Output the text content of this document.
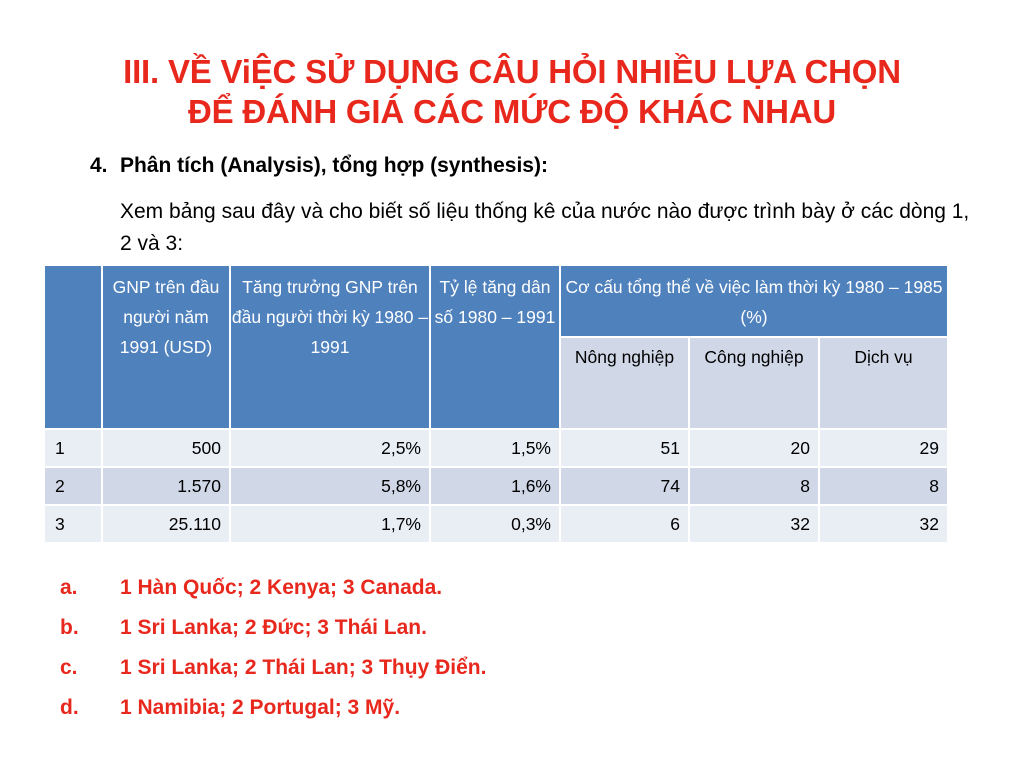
III. VỀ ViỆC SỬ DỤNG CÂU HỎI NHIỀU LỰA CHỌN
ĐỂ ĐÁNH GIÁ CÁC MỨC ĐỘ KHÁC NHAU
4. Phân tích (Analysis), tổng hợp (synthesis):
Xem bảng sau đây và cho biết số liệu thống kê của nước nào được trình bày ở các dòng 1, 2 và 3:
	GNP trên đầu người năm 1991 (USD)	Tăng trưởng GNP trên đầu người thời kỳ 1980 – 1991	Tỷ lệ tăng dân số 1980 – 1991	Cơ cấu tổng thể về việc làm thời kỳ 1980 – 1985 (%)		
				Nông nghiệp	Công nghiệp	Dịch vụ
1	500	2,5%	1,5%	51	20	29
2	1.570	5,8%	1,6%	74	8	8
3	25.110	1,7%	0,3%	6	32	32
a. 1 Hàn Quốc; 2 Kenya; 3 Canada.
b. 1 Sri Lanka; 2 Đức; 3 Thái Lan.
c. 1 Sri Lanka; 2 Thái Lan; 3 Thụy Điển.
d. 1 Namibia; 2 Portugal; 3 Mỹ.
